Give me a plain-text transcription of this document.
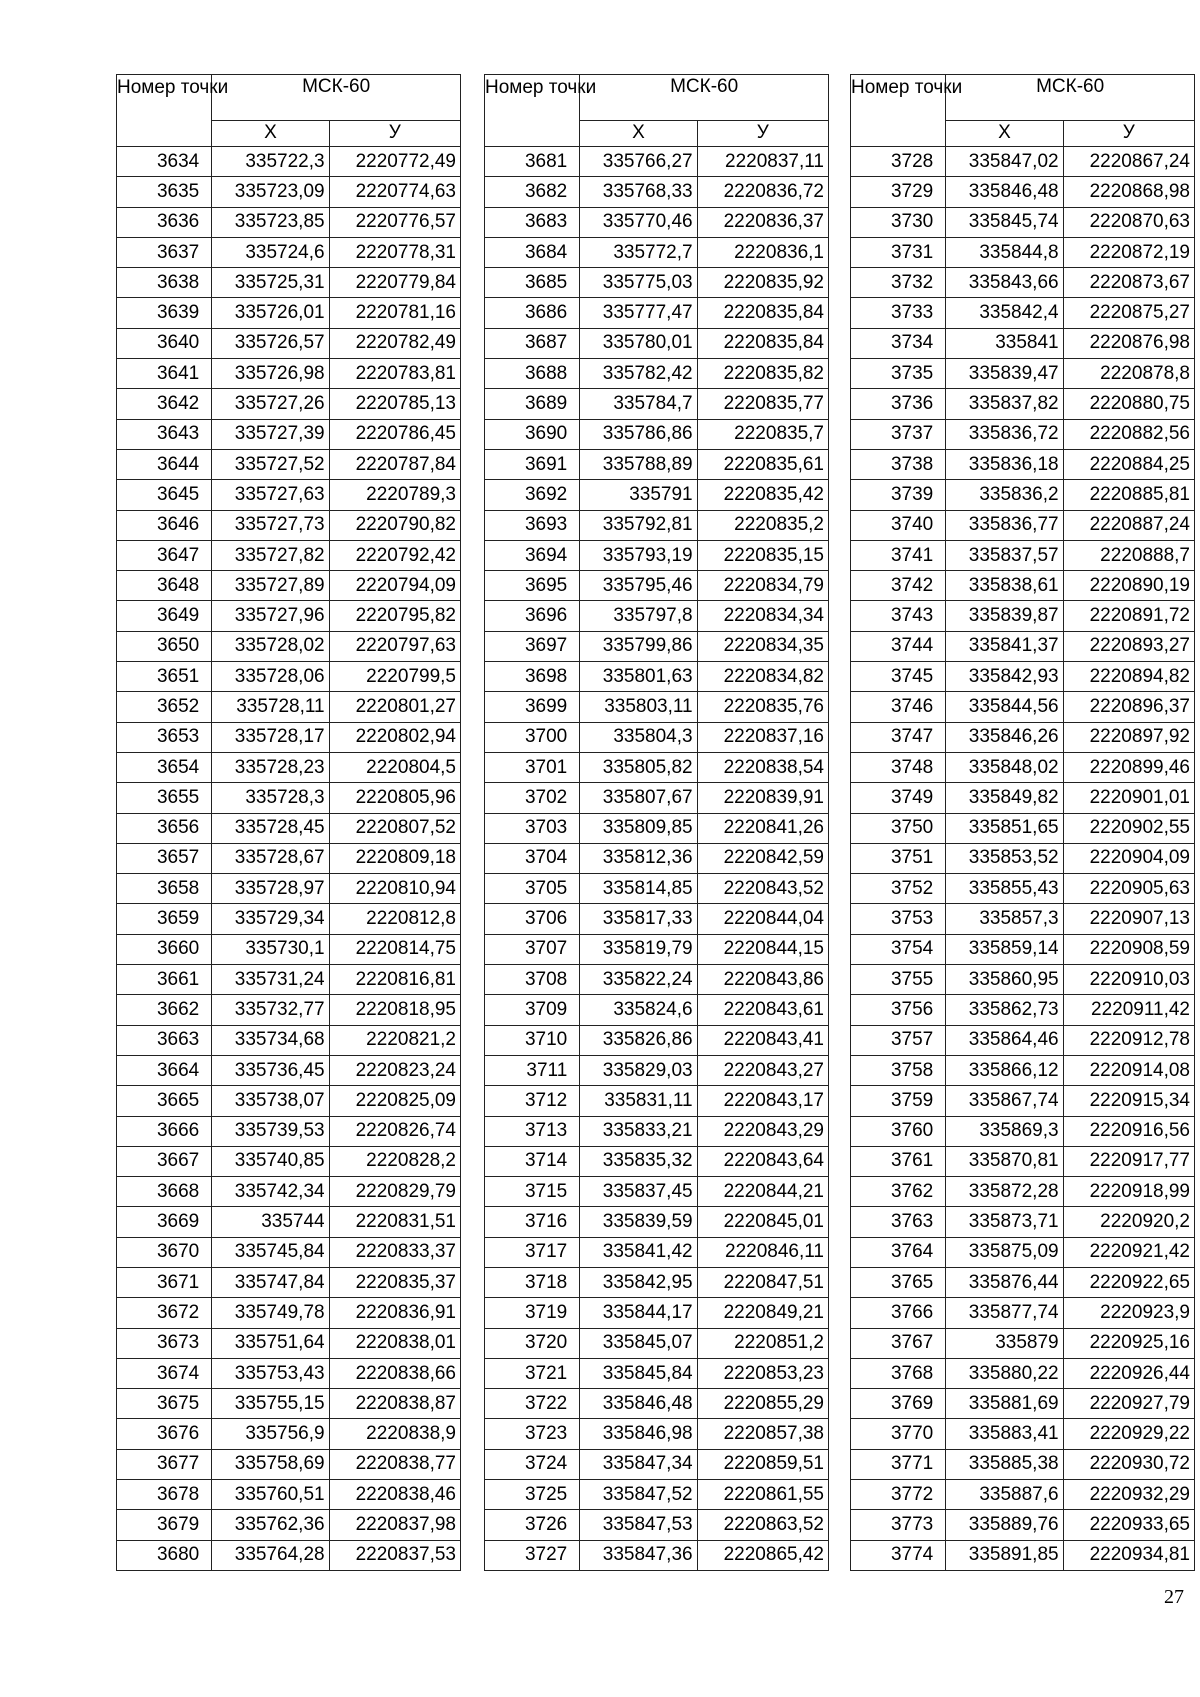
Номер точки	МСК-60	
	X	У
3634	335722,3	2220772,49
3635	335723,09	2220774,63
3636	335723,85	2220776,57
3637	335724,6	2220778,31
3638	335725,31	2220779,84
3639	335726,01	2220781,16
3640	335726,57	2220782,49
3641	335726,98	2220783,81
3642	335727,26	2220785,13
3643	335727,39	2220786,45
3644	335727,52	2220787,84
3645	335727,63	2220789,3
3646	335727,73	2220790,82
3647	335727,82	2220792,42
3648	335727,89	2220794,09
3649	335727,96	2220795,82
3650	335728,02	2220797,63
3651	335728,06	2220799,5
3652	335728,11	2220801,27
3653	335728,17	2220802,94
3654	335728,23	2220804,5
3655	335728,3	2220805,96
3656	335728,45	2220807,52
3657	335728,67	2220809,18
3658	335728,97	2220810,94
3659	335729,34	2220812,8
3660	335730,1	2220814,75
3661	335731,24	2220816,81
3662	335732,77	2220818,95
3663	335734,68	2220821,2
3664	335736,45	2220823,24
3665	335738,07	2220825,09
3666	335739,53	2220826,74
3667	335740,85	2220828,2
3668	335742,34	2220829,79
3669	335744	2220831,51
3670	335745,84	2220833,37
3671	335747,84	2220835,37
3672	335749,78	2220836,91
3673	335751,64	2220838,01
3674	335753,43	2220838,66
3675	335755,15	2220838,87
3676	335756,9	2220838,9
3677	335758,69	2220838,77
3678	335760,51	2220838,46
3679	335762,36	2220837,98
3680	335764,28	2220837,53
Номер точки	МСК-60	
	X	У
3681	335766,27	2220837,11
3682	335768,33	2220836,72
3683	335770,46	2220836,37
3684	335772,7	2220836,1
3685	335775,03	2220835,92
3686	335777,47	2220835,84
3687	335780,01	2220835,84
3688	335782,42	2220835,82
3689	335784,7	2220835,77
3690	335786,86	2220835,7
3691	335788,89	2220835,61
3692	335791	2220835,42
3693	335792,81	2220835,2
3694	335793,19	2220835,15
3695	335795,46	2220834,79
3696	335797,8	2220834,34
3697	335799,86	2220834,35
3698	335801,63	2220834,82
3699	335803,11	2220835,76
3700	335804,3	2220837,16
3701	335805,82	2220838,54
3702	335807,67	2220839,91
3703	335809,85	2220841,26
3704	335812,36	2220842,59
3705	335814,85	2220843,52
3706	335817,33	2220844,04
3707	335819,79	2220844,15
3708	335822,24	2220843,86
3709	335824,6	2220843,61
3710	335826,86	2220843,41
3711	335829,03	2220843,27
3712	335831,11	2220843,17
3713	335833,21	2220843,29
3714	335835,32	2220843,64
3715	335837,45	2220844,21
3716	335839,59	2220845,01
3717	335841,42	2220846,11
3718	335842,95	2220847,51
3719	335844,17	2220849,21
3720	335845,07	2220851,2
3721	335845,84	2220853,23
3722	335846,48	2220855,29
3723	335846,98	2220857,38
3724	335847,34	2220859,51
3725	335847,52	2220861,55
3726	335847,53	2220863,52
3727	335847,36	2220865,42
Номер точки	МСК-60	
	X	У
3728	335847,02	2220867,24
3729	335846,48	2220868,98
3730	335845,74	2220870,63
3731	335844,8	2220872,19
3732	335843,66	2220873,67
3733	335842,4	2220875,27
3734	335841	2220876,98
3735	335839,47	2220878,8
3736	335837,82	2220880,75
3737	335836,72	2220882,56
3738	335836,18	2220884,25
3739	335836,2	2220885,81
3740	335836,77	2220887,24
3741	335837,57	2220888,7
3742	335838,61	2220890,19
3743	335839,87	2220891,72
3744	335841,37	2220893,27
3745	335842,93	2220894,82
3746	335844,56	2220896,37
3747	335846,26	2220897,92
3748	335848,02	2220899,46
3749	335849,82	2220901,01
3750	335851,65	2220902,55
3751	335853,52	2220904,09
3752	335855,43	2220905,63
3753	335857,3	2220907,13
3754	335859,14	2220908,59
3755	335860,95	2220910,03
3756	335862,73	2220911,42
3757	335864,46	2220912,78
3758	335866,12	2220914,08
3759	335867,74	2220915,34
3760	335869,3	2220916,56
3761	335870,81	2220917,77
3762	335872,28	2220918,99
3763	335873,71	2220920,2
3764	335875,09	2220921,42
3765	335876,44	2220922,65
3766	335877,74	2220923,9
3767	335879	2220925,16
3768	335880,22	2220926,44
3769	335881,69	2220927,79
3770	335883,41	2220929,22
3771	335885,38	2220930,72
3772	335887,6	2220932,29
3773	335889,76	2220933,65
3774	335891,85	2220934,81
27
